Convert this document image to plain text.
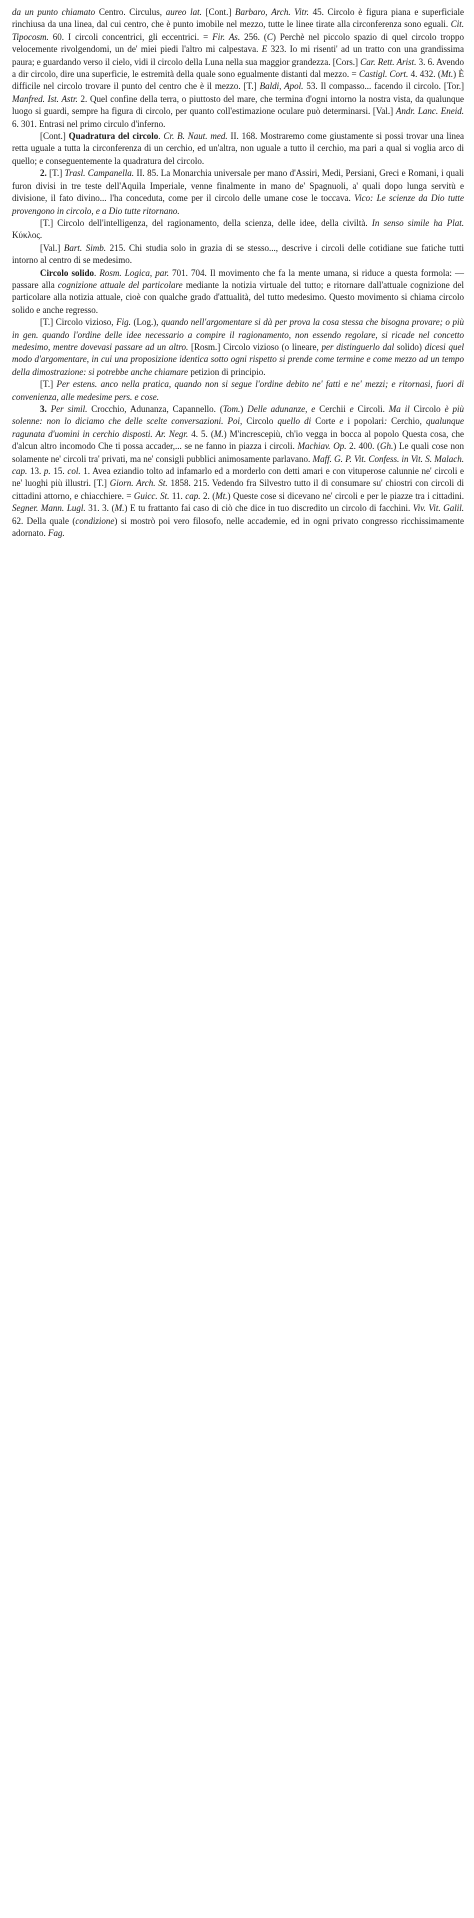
da un punto chiamato Centro. Circulus, aureo lat. [Cont.] Barbaro, Arch. Vitr. 45. Circolo è figura piana e superficiale rinchiusa da una linea, dal cui centro, che è punto imobile nel mezzo, tutte le linee tirate alla circonferenza sono eguali. Cit. Tipocosm. 60. I circoli concentrici, gli eccentrici. = Fir. As. 256. (C) Perchè nel piccolo spazio di quel circolo troppo velocemente rivolgendomi, un de' miei piedi l'altro mi calpestava. E 323. Io mi risenti' ad un tratto con una grandissima paura; e guardando verso il cielo, vidi il circolo della Luna nella sua maggior grandezza. [Cors.] Car. Rett. Arist. 3. 6. Avendo a dir circolo, dire una superficie, le estremità della quale sono egualmente distanti dal mezzo. = Castigl. Cort. 4. 432. (Mt.) È difficile nel circolo trovare il punto del centro che è il mezzo. [T.] Baldi, Apol. 53. Il compasso... facendo il circolo. [Tor.] Manfred. Ist. Astr. 2. Quel confine della terra, o piuttosto del mare, che termina d'ogni intorno la nostra vista, da qualunque luogo si guardi, sempre ha figura di circolo, per quanto coll'estimazione oculare può determinarsi. [Val.] Andr. Lanc. Eneid. 6. 301. Entrasi nel primo circulo d'inferno.

[Cont.] Quadratura del circolo. Cr. B. Naut. med. II. 168. Mostraremo come giustamente si possi trovar una linea retta uguale a tutta la circonferenza di un cerchio, ed un'altra, non uguale a tutto il cerchio, ma pari a qual si voglia arco di quello; e conseguentemente la quadratura del circolo.

2. [T.] Trasl. Campanella. II. 85. La Monarchia universale per mano d'Assiri, Medi, Persiani, Greci e Romani, i quali furon divisi in tre teste dell'Aquila Imperiale, venne finalmente in mano de' Spagnuoli, a' quali dopo lunga servitù e divisione, il fato divino... l'ha conceduta, come per il circolo delle umane cose le toccava. Vico: Le scienze da Dio tutte provengono in circolo, e a Dio tutte ritornano.

[T.] Circolo dell'intelligenza, del ragionamento, della scienza, delle idee, della civiltà. In senso simile ha Plat. Κύκλος.

[Val.] Bart. Simb. 215. Chi studia solo in grazia di se stesso..., descrive i circoli delle cotidiane sue fatiche tutti intorno al centro di se medesimo.

Circolo solido. Rosm. Logica, par. 701. 704. Il movimento che fa la mente umana, si riduce a questa formola: — passare alla cognizione attuale del particolare mediante la notizia virtuale del tutto; e ritornare dall'attuale cognizione del particolare alla notizia attuale, cioè con qualche grado d'attualità, del tutto medesimo. Questo movimento si chiama circolo solido e anche regresso.

[T.] Circolo vizioso, Fig. (Log.), quando nell'argomentare si dà per prova la cosa stessa che bisogna provare; o più in gen. quando l'ordine delle idee necessario a compire il ragionamento, non essendo regolare, si ricade nel concetto medesimo, mentre dovevasi passare ad un altro. [Rosm.] Circolo vizioso (o lineare, per distinguerlo dal solido) dicesi quel modo d'argomentare, in cui una proposizione identica sotto ogni rispetto si prende come termine e come mezzo ad un tempo della dimostrazione: si potrebbe anche chiamare petizion di principio.

[T.] Per estens. anco nella pratica, quando non si segue l'ordine debito ne' fatti e ne' mezzi; e ritornasi, fuori di convenienza, alle medesime pers. e cose.

3. Per simil. Crocchio, Adunanza, Capannello. (Tom.) Delle adunanze, e Cerchii e Circoli. Ma il Circolo è più solenne: non lo diciamo che delle scelte conversazioni. Poi, Circolo quello di Corte e i popolari: Cerchio, qualunque ragunata d'uomini in cerchio disposti. Ar. Negr. 4. 5. (M.) M'increscepiù, ch'io vegga in bocca al popolo Questa cosa, che d'alcun altro incomodo Che ti possa accader,... se ne fanno in piazza i circoli. Machiav. Op. 2. 400. (Gh.) Le quali cose non solamente ne' circoli tra' privati, ma ne' consigli pubblici animosamente parlavano. Maff. G. P. Vit. Confess. in Vit. S. Malach. cap. 13. p. 15. col. 1. Avea eziandio tolto ad infamarlo ed a morderlo con detti amari e con vituperose calunnie ne' circoli e ne' luoghi più illustri. [T.] Giorn. Arch. St. 1858. 215. Vedendo fra Silvestro tutto il dì consumare su' chiostri con circoli di cittadini attorno, e chiacchiere. = Guicc. St. 11. cap. 2. (Mt.) Queste cose si dicevano ne' circoli e per le piazze tra i cittadini. Segner. Mann. Lugl. 31. 3. (M.) E tu frattanto fai caso di ciò che dice in tuo discredito un circolo di facchini. Viv. Vit. Galil. 62. Della quale (condizione) si mostrò poi vero filosofo, nelle accademie, ed in ogni privato congresso ricchissimamente adornato. Fag.
